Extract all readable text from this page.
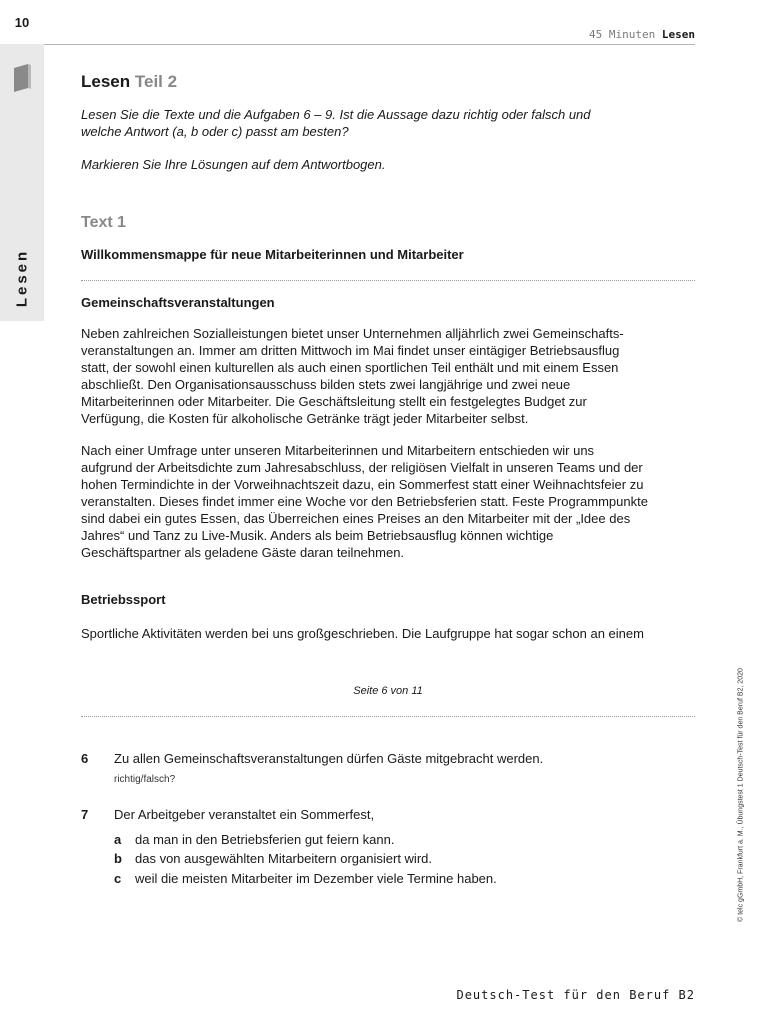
10
Lesen
45 Minuten Lesen
Lesen Teil 2
Lesen Sie die Texte und die Aufgaben 6 – 9. Ist die Aussage dazu richtig oder falsch und
welche Antwort (a, b oder c) passt am besten?
Markieren Sie Ihre Lösungen auf dem Antwortbogen.
Text 1
Willkommensmappe für neue Mitarbeiterinnen und Mitarbeiter
Gemeinschaftsveranstaltungen
Neben zahlreichen Sozialleistungen bietet unser Unternehmen alljährlich zwei Gemeinschafts-
veranstaltungen an. Immer am dritten Mittwoch im Mai findet unser eintägiger Betriebsausflug
statt, der sowohl einen kulturellen als auch einen sportlichen Teil enthält und mit einem Essen
abschließt. Den Organisationsausschuss bilden stets zwei langjährige und zwei neue
Mitarbeiterinnen oder Mitarbeiter. Die Geschäftsleitung stellt ein festgelegtes Budget zur
Verfügung, die Kosten für alkoholische Getränke trägt jeder Mitarbeiter selbst.
Nach einer Umfrage unter unseren Mitarbeiterinnen und Mitarbeitern entschieden wir uns
aufgrund der Arbeitsdichte zum Jahresabschluss, der religiösen Vielfalt in unseren Teams und der
hohen Termindichte in der Vorweihnachtszeit dazu, ein Sommerfest statt einer Weihnachtsfeier zu
veranstalten. Dieses findet immer eine Woche vor den Betriebsferien statt. Feste Programmpunkte
sind dabei ein gutes Essen, das Überreichen eines Preises an den Mitarbeiter mit der „Idee des
Jahres“ und Tanz zu Live-Musik. Anders als beim Betriebsausflug können wichtige
Geschäftspartner als geladene Gäste daran teilnehmen.
Betriebssport
Sportliche Aktivitäten werden bei uns großgeschrieben. Die Laufgruppe hat sogar schon an einem
Seite 6 von 11
6 Zu allen Gemeinschaftsveranstaltungen dürfen Gäste mitgebracht werden.
richtig/falsch?
7 Der Arbeitgeber veranstaltet ein Sommerfest,
a da man in den Betriebsferien gut feiern kann.
b das von ausgewählten Mitarbeitern organisiert wird.
c weil die meisten Mitarbeiter im Dezember viele Termine haben.	© telc gGmbH, Frankfurt a. M., Übungstest 1 Deutsch-Test für den Beruf B2, 2020
Deutsch-Test für den Beruf B2
